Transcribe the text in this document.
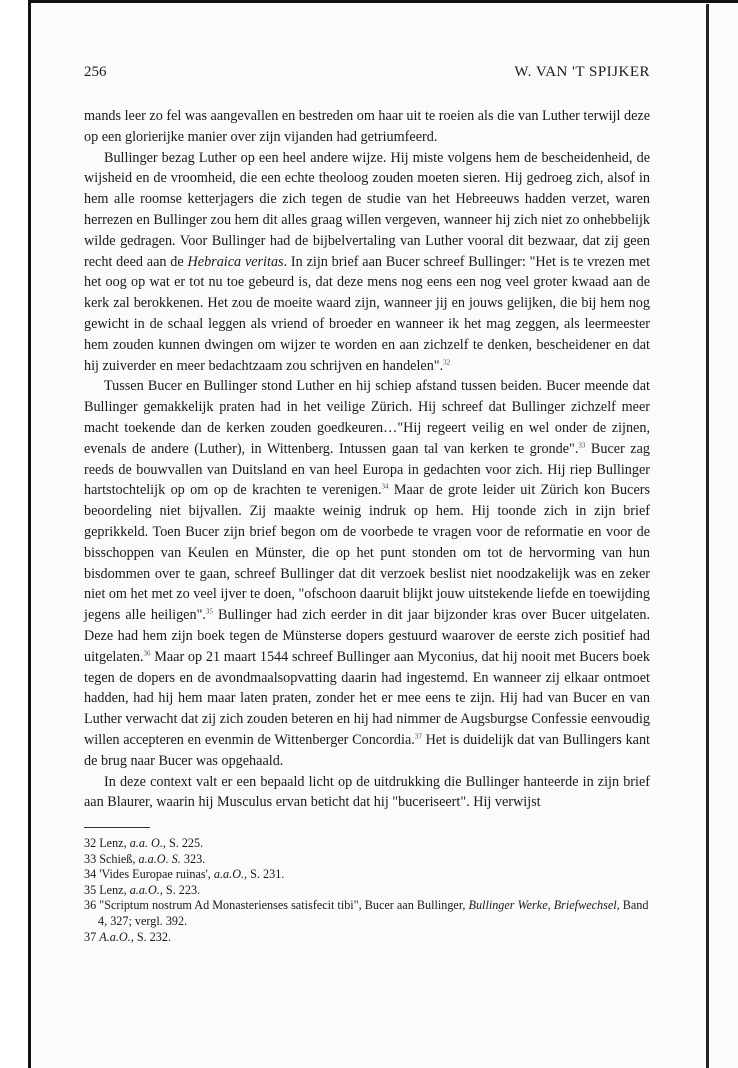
256	W. VAN 'T SPIJKER

mands leer zo fel was aangevallen en bestreden om haar uit te roeien als die van Luther terwijl deze op een glorierijke manier over zijn vijanden had getriumfeerd.

Bullinger bezag Luther op een heel andere wijze. Hij miste volgens hem de bescheidenheid, de wijsheid en de vroomheid, die een echte theoloog zouden moeten sieren. Hij gedroeg zich, alsof in hem alle roomse ketterjagers die zich tegen de studie van het Hebreeuws hadden verzet, waren herrezen en Bullinger zou hem dit alles graag willen vergeven, wanneer hij zich niet zo onhebbelijk wilde gedragen. Voor Bullinger had de bijbelvertaling van Luther vooral dit bezwaar, dat zij geen recht deed aan de Hebraica veritas. In zijn brief aan Bucer schreef Bullinger: "Het is te vrezen met het oog op wat er tot nu toe gebeurd is, dat deze mens nog eens een nog veel groter kwaad aan de kerk zal berokkenen. Het zou de moeite waard zijn, wanneer jij en jouws gelijken, die bij hem nog gewicht in de schaal leggen als vriend of broeder en wanneer ik het mag zeggen, als leermeester hem zouden kunnen dwingen om wijzer te worden en aan zichzelf te denken, bescheidener en dat hij zuiverder en meer bedachtzaam zou schrijven en handelen".$^{32}$

Tussen Bucer en Bullinger stond Luther en hij schiep afstand tussen beiden. Bucer meende dat Bullinger gemakkelijk praten had in het veilige Zürich. Hij schreef dat Bullinger zichzelf meer macht toekende dan de kerken zouden goedkeuren…"Hij regeert veilig en wel onder de zijnen, evenals de andere (Luther), in Wittenberg. Intussen gaan tal van kerken te gronde".$^{33}$ Bucer zag reeds de bouwvallen van Duitsland en van heel Europa in gedachten voor zich. Hij riep Bullinger hartstochtelijk op om op de krachten te verenigen.$^{34}$ Maar de grote leider uit Zürich kon Bucers beoordeling niet bijvallen. Zij maakte weinig indruk op hem. Hij toonde zich in zijn brief geprikkeld. Toen Bucer zijn brief begon om de voorbede te vragen voor de reformatie en voor de bisschoppen van Keulen en Münster, die op het punt stonden om tot de hervorming van hun bisdommen over te gaan, schreef Bullinger dat dit verzoek beslist niet noodzakelijk was en zeker niet om het met zo veel ijver te doen, "ofschoon daaruit blijkt jouw uitstekende liefde en toewijding jegens alle heiligen".$^{35}$ Bullinger had zich eerder in dit jaar bijzonder kras over Bucer uitgelaten. Deze had hem zijn boek tegen de Münsterse dopers gestuurd waarover de eerste zich positief had uitgelaten.$^{36}$ Maar op 21 maart 1544 schreef Bullinger aan Myconius, dat hij nooit met Bucers boek tegen de dopers en de avondmaalsopvatting daarin had ingestemd. En wanneer zij elkaar ontmoet hadden, had hij hem maar laten praten, zonder het er mee eens te zijn. Hij had van Bucer en van Luther verwacht dat zij zich zouden beteren en hij had nimmer de Augsburgse Confessie eenvoudig willen accepteren en evenmin de Wittenberger Concordia.$^{37}$ Het is duidelijk dat van Bullingers kant de brug naar Bucer was opgehaald.

In deze context valt er een bepaald licht op de uitdrukking die Bullinger hanteerde in zijn brief aan Blaurer, waarin hij Musculus ervan beticht dat hij "buceriseert". Hij verwijst

32 Lenz, a.a. O., S. 225.

33 Schieß, a.a.O. S. 323.

34 'Vides Europae ruinas', a.a.O., S. 231.

35 Lenz, a.a.O., S. 223.

36 "Scriptum nostrum Ad Monasterienses satisfecit tibi", Bucer aan Bullinger, Bullinger Werke, Briefwechsel, Band 4, 327; vergl. 392.

37 A.a.O., S. 232.
